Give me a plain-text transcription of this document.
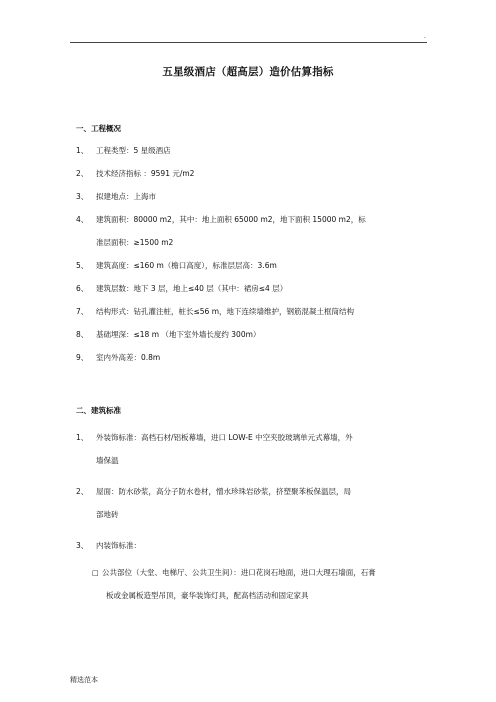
.
五星级酒店（超高层）造价估算指标
一、工程概况
1、 工程类型：5 星级酒店
2、 技术经济指标 ：9591 元/m2
3、 拟建地点：上海市
4、 建筑面积：80000 m2，其中：地上面积 65000 m2，地下面积 15000 m2，标
准层面积：≥1500 m2
5、 建筑高度：≤160 m（檐口高度），标准层层高：3.6m
6、 建筑层数：地下 3 层，地上≤40 层（其中：裙房≤4 层）
7、 结构形式：钻孔灌注桩，桩长≤56 m，地下连续墙维护，钢筋混凝土框筒结构
8、 基础埋深：≤18 m （地下室外墙长度约 300m）
9、 室内外高差：0.8m
二、建筑标准
1、 外装饰标准：高档石材/铝板幕墙，进口 LOW-E 中空夹胶玻璃单元式幕墙，外
墙保温
2、 屋面：防水砂浆，高分子防水卷材，憎水珍珠岩砂浆，挤塑聚苯板保温层，局
部地砖
3、 内装饰标准：
□ 公共部位（大堂、电梯厅、公共卫生间）：进口花岗石地面，进口大理石墙面，石膏
板或金属板造型吊顶，豪华装饰灯具，配高档活动和固定家具
精选范本
